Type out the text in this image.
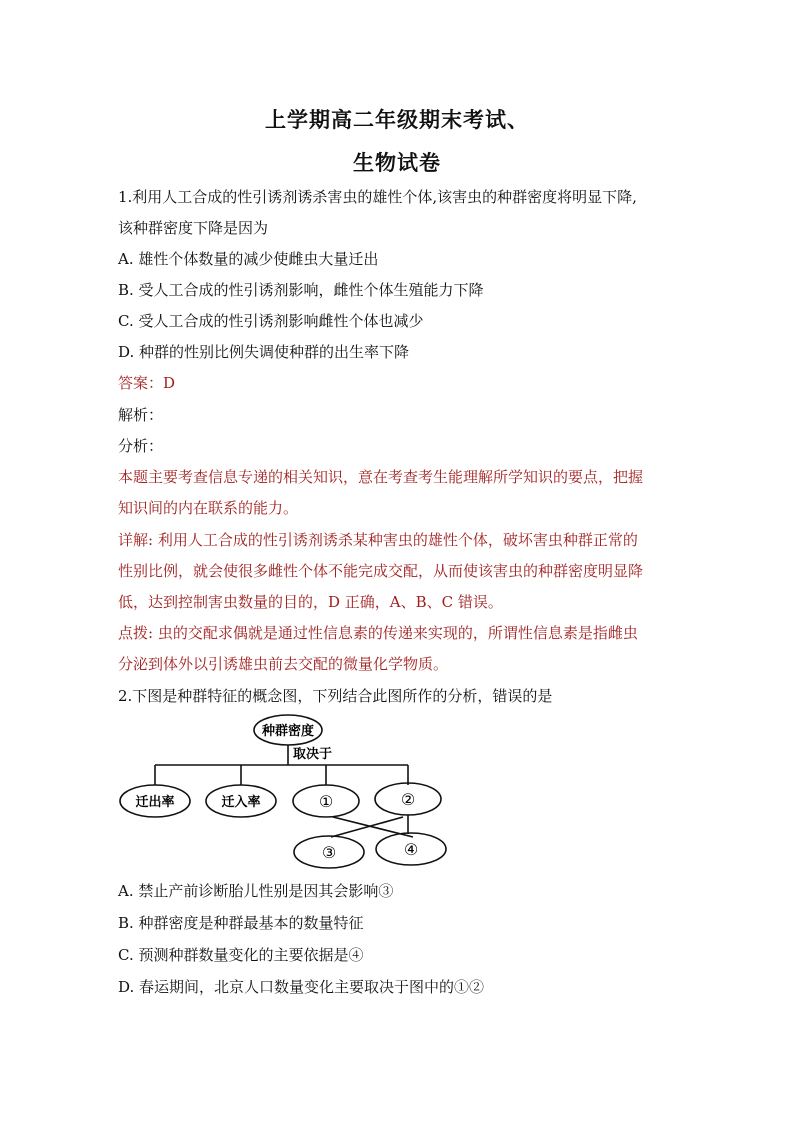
上学期高二年级期末考试、
生物试卷
1.利用人工合成的性引诱剂诱杀害虫的雄性个体,该害虫的种群密度将明显下降,
该种群密度下降是因为
A. 雄性个体数量的减少使雌虫大量迁出
B. 受人工合成的性引诱剂影响，雌性个体生殖能力下降
C. 受人工合成的性引诱剂影响雌性个体也减少
D. 种群的性别比例失调使种群的出生率下降
答案：D
解析：
分析：
本题主要考查信息专递的相关知识，意在考查考生能理解所学知识的要点，把握
知识间的内在联系的能力。
详解: 利用人工合成的性引诱剂诱杀某种害虫的雄性个体，破坏害虫种群正常的
性别比例，就会使很多雌性个体不能完成交配，从而使该害虫的种群密度明显降
低，达到控制害虫数量的目的，D 正确，A、B、C 错误。
点拨: 虫的交配求偶就是通过性信息素的传递来实现的，所谓性信息素是指雌虫
分泌到体外以引诱雄虫前去交配的微量化学物质。
2.下图是种群特征的概念图，下列结合此图所作的分析，错误的是
种群密度
取决于
迁出率	迁入率	①	②
③	④
A. 禁止产前诊断胎儿性别是因其会影响③
B. 种群密度是种群最基本的数量特征
C. 预测种群数量变化的主要依据是④
D. 春运期间，北京人口数量变化主要取决于图中的①②
